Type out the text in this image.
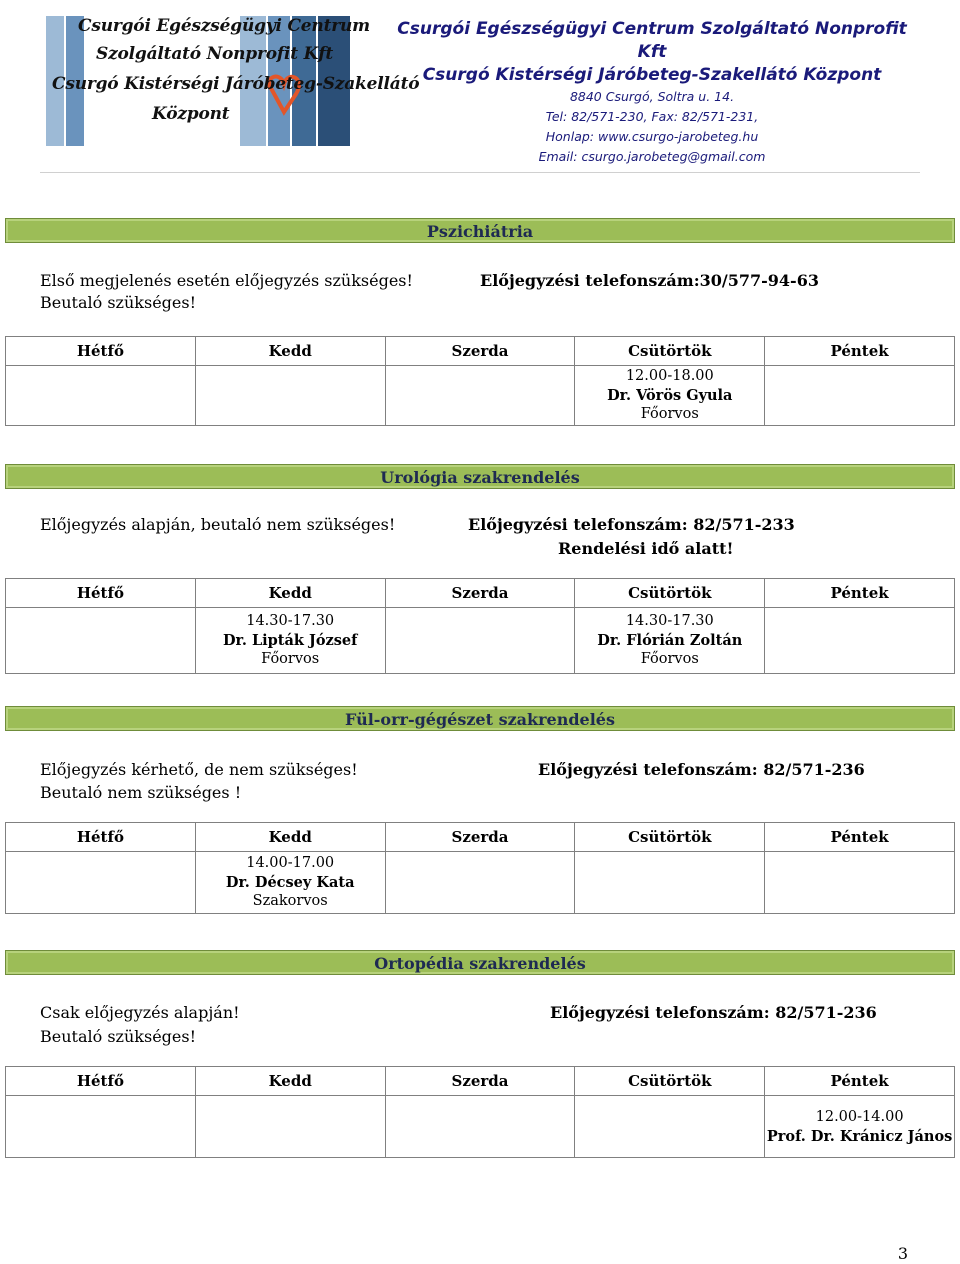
Csurgói Egészségügyi Centrum
Szolgáltató Nonprofit Kft
Csurgó Kistérségi Járóbeteg-Szakellátó
Központ
Csurgói Egészségügyi Centrum Szolgáltató Nonprofit Kft
Csurgó Kistérségi Járóbeteg-Szakellátó Központ
8840 Csurgó, Soltra u. 14.
Tel: 82/571-230, Fax: 82/571-231,
Honlap: www.csurgo-jarobeteg.hu
Email: csurgo.jarobeteg@gmail.com
Pszichiátria
Első megjelenés esetén előjegyzés szükséges!
Beutaló szükséges!
Előjegyzési telefonszám:30/577-94-63
Hétfő	Kedd	Szerda	Csütörtök	Péntek

			12.00-18.00
Dr. Vörös Gyula
Főorvos	

Urológia szakrendelés
Előjegyzés alapján, beutaló nem szükséges!	Előjegyzési telefonszám: 82/571-233
Rendelési idő alatt!
Hétfő	Kedd	Szerda	Csütörtök	Péntek

	14.30-17.30
Dr. Lipták József
Főorvos		14.30-17.30
Dr. Flórián Zoltán
Főorvos	

Fül-orr-gégészet szakrendelés
Előjegyzés kérhető, de nem szükséges!
Beutaló nem szükséges !
Előjegyzési telefonszám: 82/571-236
Hétfő	Kedd	Szerda	Csütörtök	Péntek

	14.00-17.00
Dr. Décsey Kata
Szakorvos			

Ortopédia szakrendelés
Csak előjegyzés alapján!
Beutaló szükséges!
Előjegyzési telefonszám: 82/571-236
Hétfő	Kedd	Szerda	Csütörtök	Péntek

				12.00-14.00
Prof. Dr. Kránicz János
3
